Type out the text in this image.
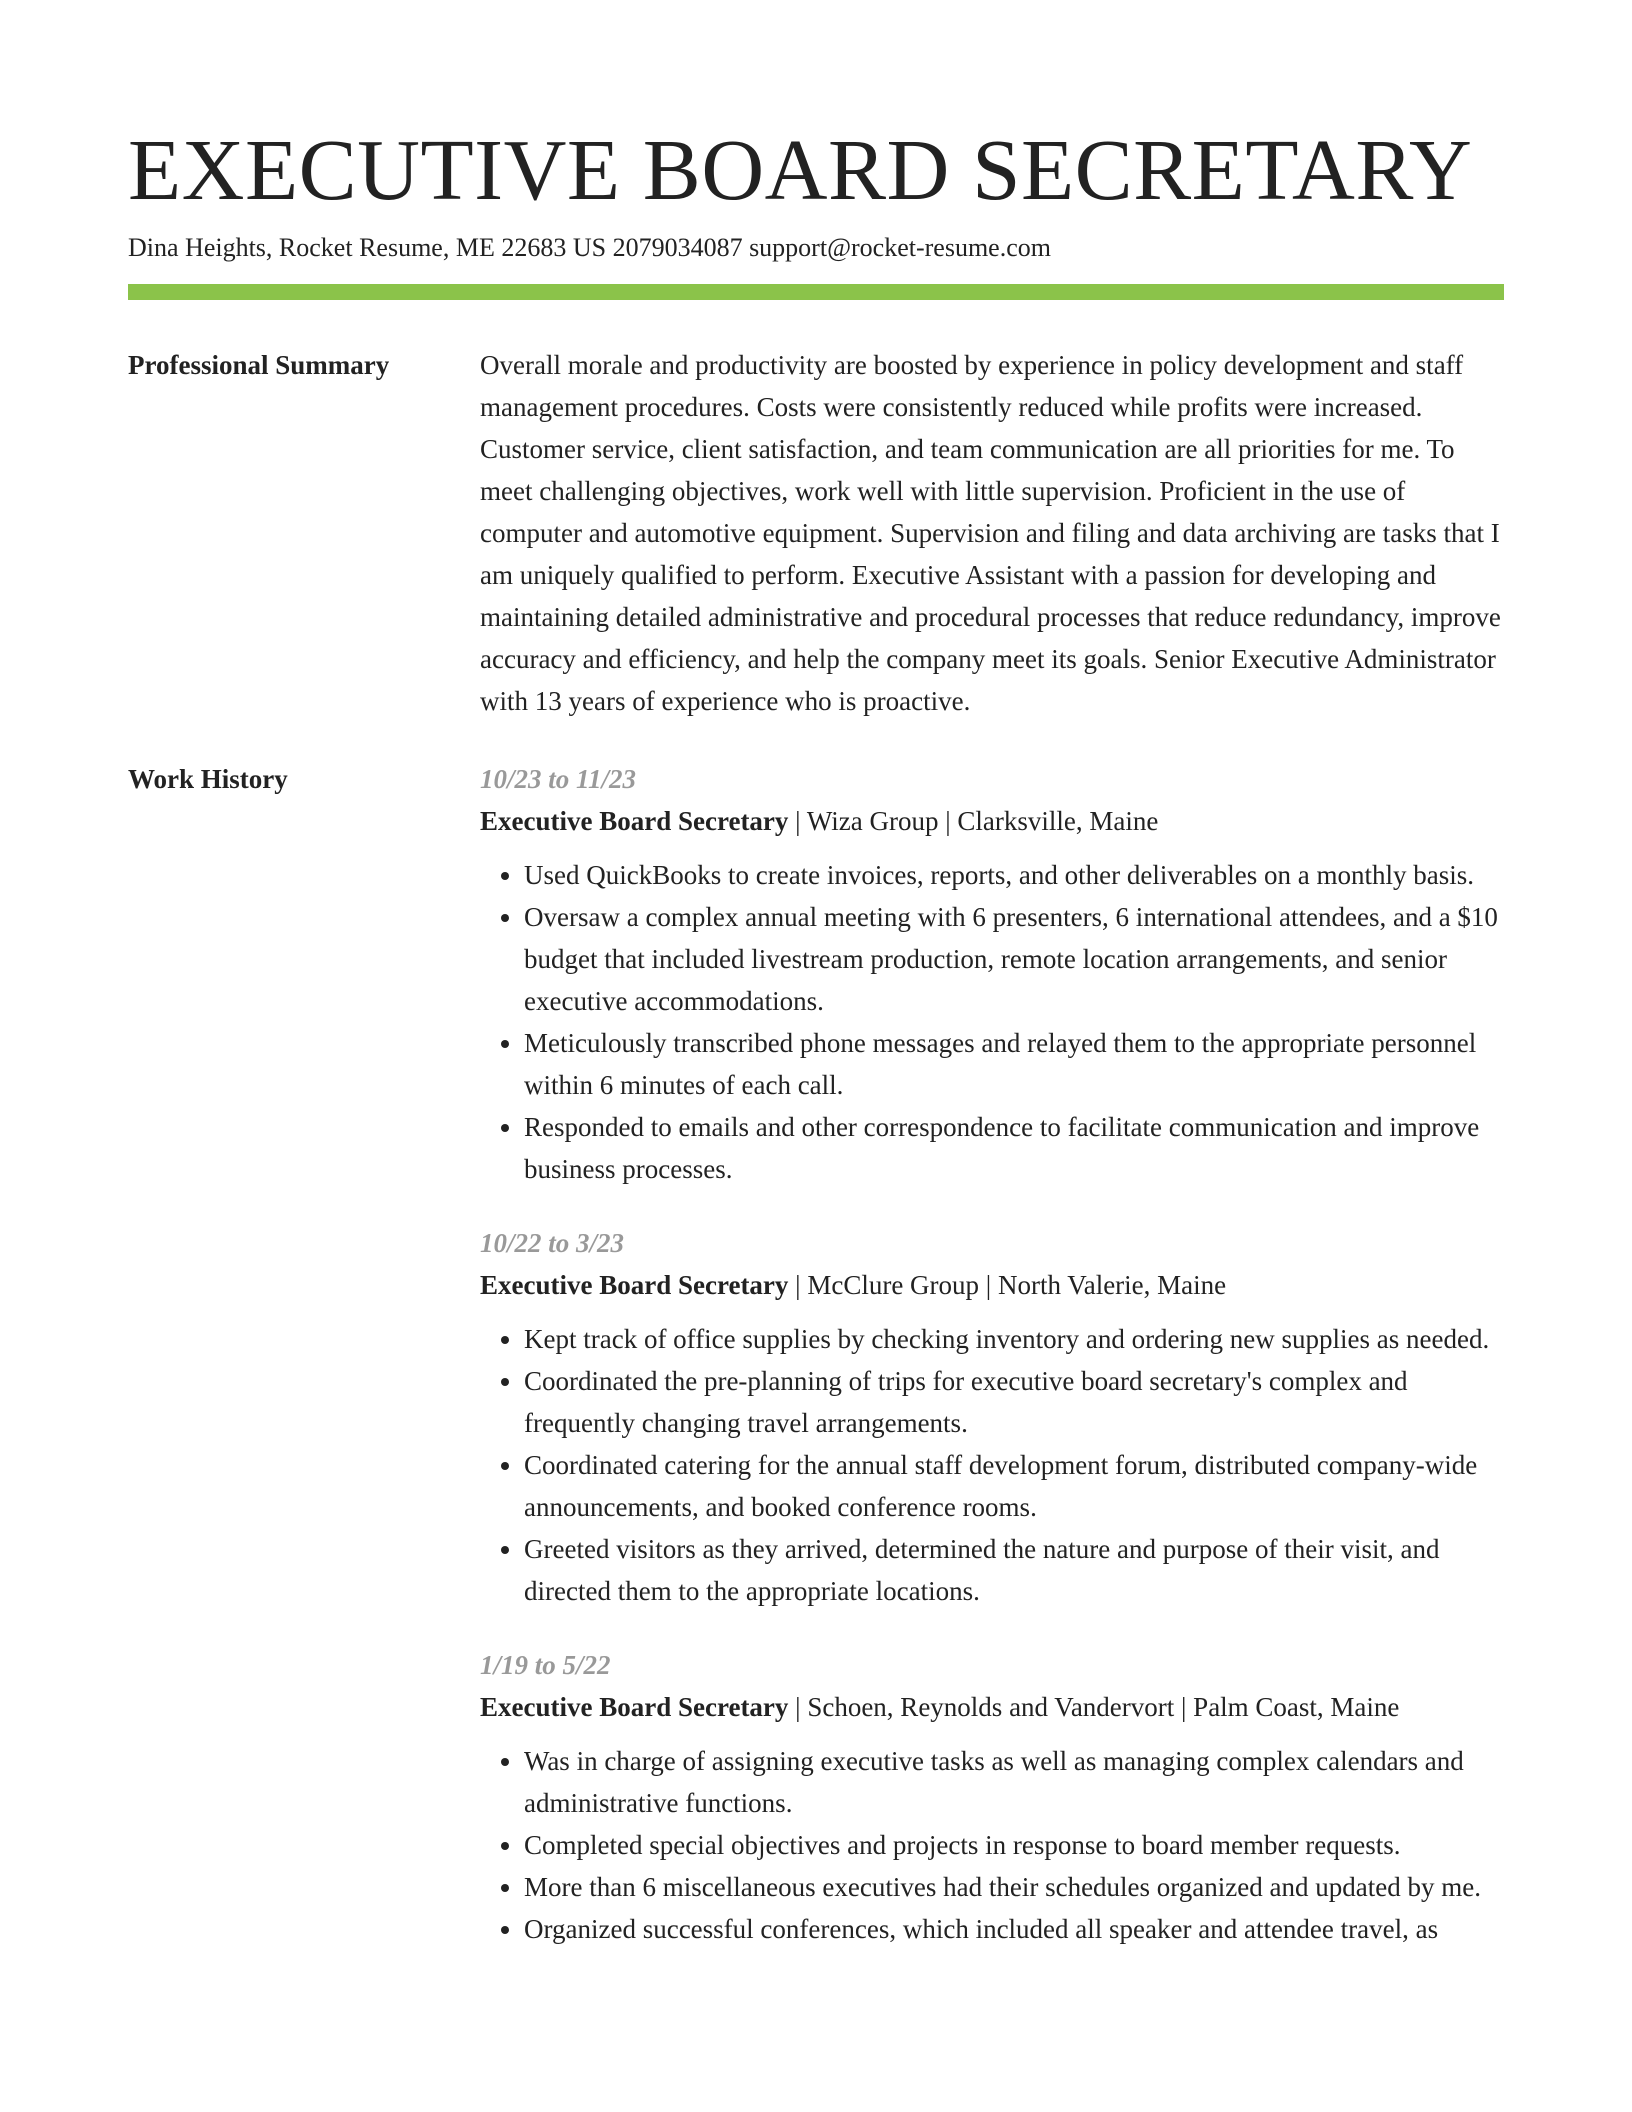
EXECUTIVE BOARD SECRETARY
Dina Heights, Rocket Resume, ME 22683 US 2079034087 support@rocket-resume.com
Professional Summary	Overall morale and productivity are boosted by experience in policy development and staff management procedures. Costs were consistently reduced while profits were increased. Customer service, client satisfaction, and team communication are all priorities for me. To meet challenging objectives, work well with little supervision. Proficient in the use of computer and automotive equipment. Supervision and filing and data archiving are tasks that I am uniquely qualified to perform. Executive Assistant with a passion for developing and maintaining detailed administrative and procedural processes that reduce redundancy, improve accuracy and efficiency, and help the company meet its goals. Senior Executive Administrator with 13 years of experience who is proactive.

Work History	10/23 to 11/23
Executive Board Secretary | Wiza Group | Clarksville, Maine
• Used QuickBooks to create invoices, reports, and other deliverables on a monthly basis.
• Oversaw a complex annual meeting with 6 presenters, 6 international attendees, and a $10 budget that included livestream production, remote location arrangements, and senior executive accommodations.
• Meticulously transcribed phone messages and relayed them to the appropriate personnel within 6 minutes of each call.
• Responded to emails and other correspondence to facilitate communication and improve business processes.
10/22 to 3/23
Executive Board Secretary | McClure Group | North Valerie, Maine
• Kept track of office supplies by checking inventory and ordering new supplies as needed.
• Coordinated the pre-planning of trips for executive board secretary's complex and frequently changing travel arrangements.
• Coordinated catering for the annual staff development forum, distributed company-wide announcements, and booked conference rooms.
• Greeted visitors as they arrived, determined the nature and purpose of their visit, and directed them to the appropriate locations.
1/19 to 5/22
Executive Board Secretary | Schoen, Reynolds and Vandervort | Palm Coast, Maine
• Was in charge of assigning executive tasks as well as managing complex calendars and administrative functions.
• Completed special objectives and projects in response to board member requests.
• More than 6 miscellaneous executives had their schedules organized and updated by me.
• Organized successful conferences, which included all speaker and attendee travel, as
